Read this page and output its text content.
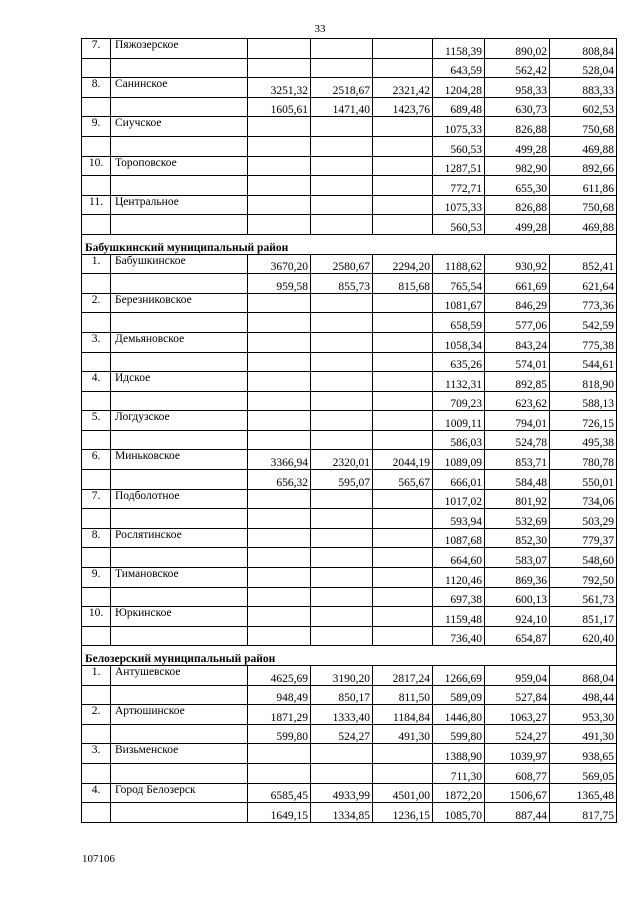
33
7.	Пяжозерское				1158,39	890,02	808,84
					643,59	562,42	528,04
8.	Санинское	3251,32	2518,67	2321,42	1204,28	958,33	883,33
		1605,61	1471,40	1423,76	689,48	630,73	602,53
9.	Сиучское				1075,33	826,88	750,68
					560,53	499,28	469,88
10.	Тороповское				1287,51	982,90	892,66
					772,71	655,30	611,86
11.	Центральное				1075,33	826,88	750,68
					560,53	499,28	469,88
Бабушкинский муниципальный район							
1.	Бабушкинское	3670,20	2580,67	2294,20	1188,62	930,92	852,41
		959,58	855,73	815,68	765,54	661,69	621,64
2.	Березниковское				1081,67	846,29	773,36
					658,59	577,06	542,59
3.	Демьяновское				1058,34	843,24	775,38
					635,26	574,01	544,61
4.	Идское				1132,31	892,85	818,90
					709,23	623,62	588,13
5.	Логдузское				1009,11	794,01	726,15
					586,03	524,78	495,38
6.	Миньковское	3366,94	2320,01	2044,19	1089,09	853,71	780,78
		656,32	595,07	565,67	666,01	584,48	550,01
7.	Подболотное				1017,02	801,92	734,06
					593,94	532,69	503,29
8.	Рослятинское				1087,68	852,30	779,37
					664,60	583,07	548,60
9.	Тимановское				1120,46	869,36	792,50
					697,38	600,13	561,73
10.	Юркинское				1159,48	924,10	851,17
					736,40	654,87	620,40
Белозерский муниципальный район							
1.	Антушевское	4625,69	3190,20	2817,24	1266,69	959,04	868,04
		948,49	850,17	811,50	589,09	527,84	498,44
2.	Артюшинское	1871,29	1333,40	1184,84	1446,80	1063,27	953,30
		599,80	524,27	491,30	599,80	524,27	491,30
3.	Визьменское				1388,90	1039,97	938,65
					711,30	608,77	569,05
4.	Город Белозерск	6585,45	4933,99	4501,00	1872,20	1506,67	1365,48
		1649,15	1334,85	1236,15	1085,70	887,44	817,75
107106
